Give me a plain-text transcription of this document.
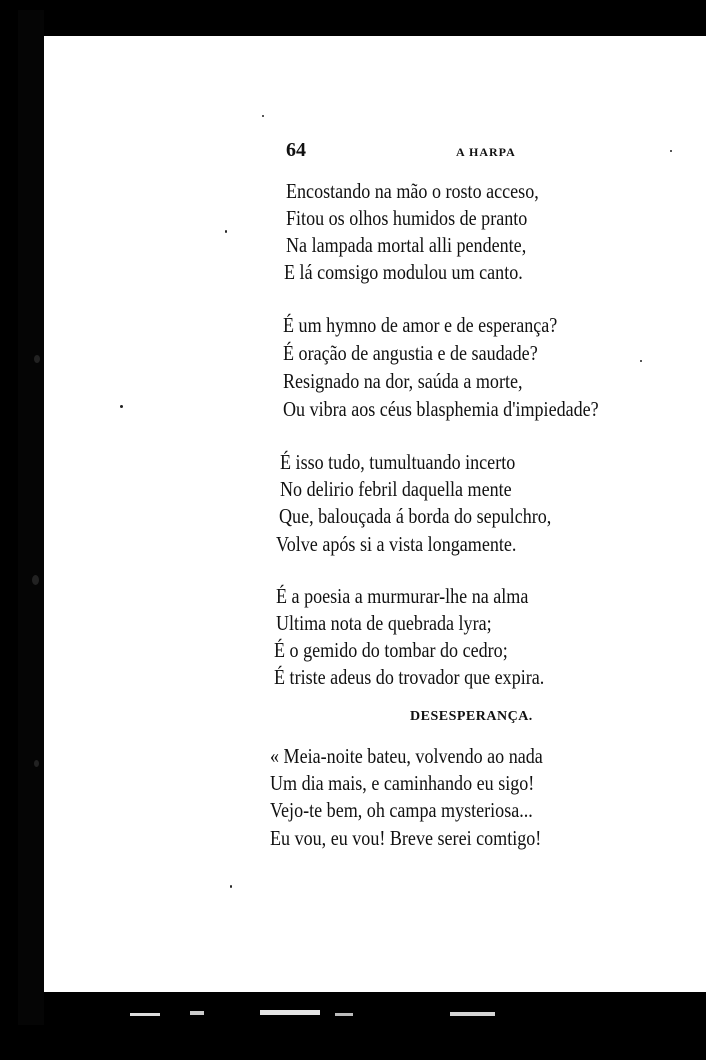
64	A HARPA
Encostando na mão o rosto acceso,
Fitou os olhos humidos de pranto
Na lampada mortal alli pendente,
E lá comsigo modulou um canto.
É um hymno de amor e de esperança?
É oração de angustia e de saudade?
Resignado na dor, saúda a morte,
Ou vibra aos céus blasphemia d'impiedade?
É isso tudo, tumultuando incerto
No delirio febril daquella mente
Que, balouçada á borda do sepulchro,
Volve após si a vista longamente.
É a poesia a murmurar-lhe na alma
Ultima nota de quebrada lyra;
É o gemido do tombar do cedro;
É triste adeus do trovador que expira.
DESESPERANÇA.
« Meia-noite bateu, volvendo ao nada
Um dia mais, e caminhando eu sigo!
Vejo-te bem, oh campa mysteriosa...
Eu vou, eu vou! Breve serei comtigo!
